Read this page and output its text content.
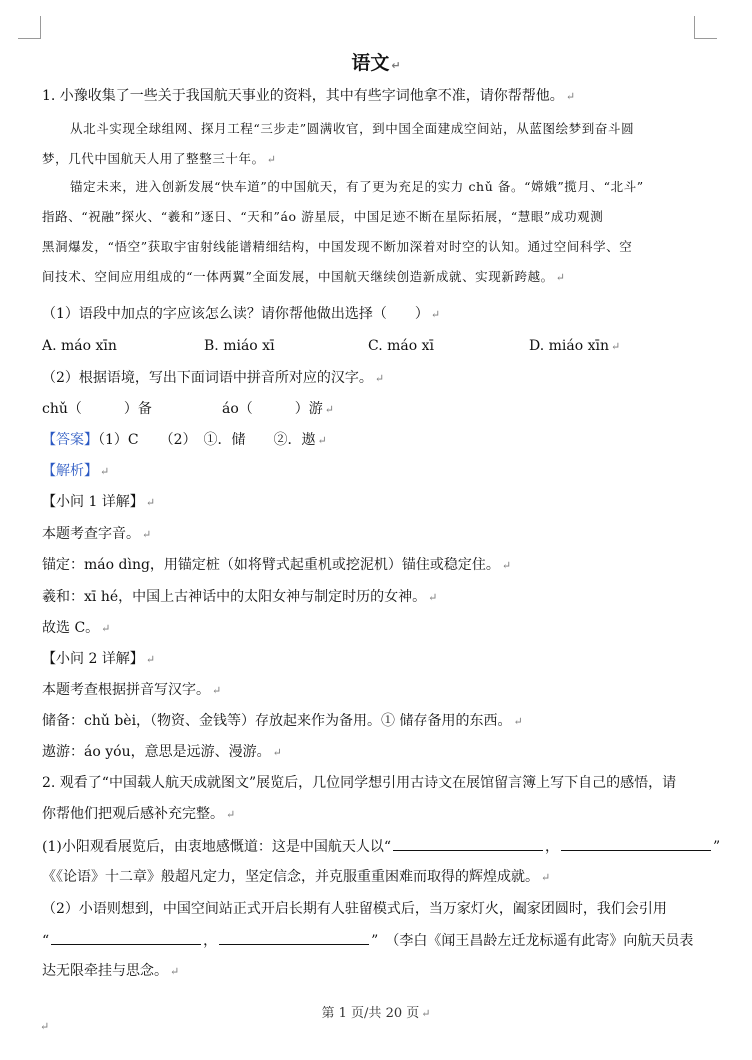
语文 ↵
1. 小豫收集了一些关于我国航天事业的资料，其中有些字词他拿不准，请你帮帮他。 ↵
从北斗实现全球组网、探月工程“三步走”圆满收官，到中国全面建成空间站，从蓝图绘梦到奋斗圆
梦，几代中国航天人用了整整三十年。 ↵
锚定未来，进入创新发展“快车道”的中国航天，有了更为充足的实力 chǔ 备。“嫦娥”揽月、“北斗”
指路、“祝融”探火、“羲和”逐日、“天和”áo 游星辰，中国足迹不断在星际拓展，“慧眼”成功观测
黑洞爆发，“悟空”获取宇宙射线能谱精细结构，中国发现不断加深着对时空的认知。通过空间科学、空
间技术、空间应用组成的“一体两翼”全面发展，中国航天继续创造新成就、实现新跨越。 ↵
（1）语段中加点的字应该怎么读？请你帮他做出选择（　　） ↵
A. máo xīn	B. miáo xī	C. máo xī	D. miáo xīn ↵
（2）根据语境，写出下面词语中拼音所对应的汉字。 ↵
chǔ（　　　）备	áo（　　　）游 ↵
【答案】（1）C　　（2）　①．储　　②．遨 ↵
【解析】 ↵
【小问 1 详解】 ↵
本题考查字音。 ↵
锚定：máo dìng，用锚定桩（如将臂式起重机或挖泥机）锚住或稳定住。 ↵
羲和：xī hé，中国上古神话中的太阳女神与制定时历的女神。 ↵
故选 C。 ↵
【小问 2 详解】 ↵
本题考查根据拼音写汉字。 ↵
储备：chǔ bèi，（物资、金钱等）存放起来作为备用。① 储存备用的东西。 ↵
遨游：áo yóu，意思是远游、漫游。 ↵
2. 观看了“中国载人航天成就图文”展览后，几位同学想引用古诗文在展馆留言簿上写下自己的感悟，请
你帮他们把观后感补充完整。 ↵
(1)小阳观看展览后，由衷地感慨道：这是中国航天人以“	，	”
《《论语》十二章》般超凡定力，坚定信念，并克服重重困难而取得的辉煌成就。 ↵
（2）小语则想到，中国空间站正式开启长期有人驻留模式后，当万家灯火，阖家团圆时，我们会引用
“	，	”　（李白《闻王昌龄左迁龙标遥有此寄》向航天员表
达无限牵挂与思念。 ↵
第 1 页/共 20 页 ↵
↵
